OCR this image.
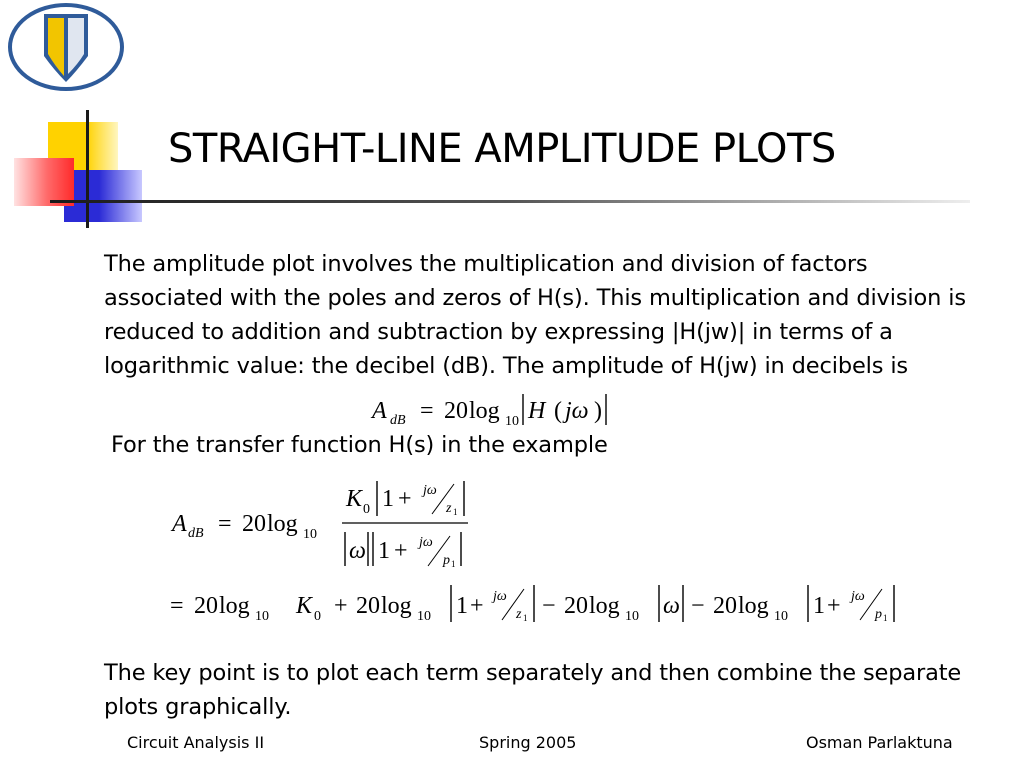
STRAIGHT-LINE AMPLITUDE PLOTS
The amplitude plot involves the multiplication and division of factors associated with the poles and zeros of H(s). This multiplication and division is reduced to addition and subtraction by expressing |H(jw)| in terms of a logarithmic value: the decibel (dB). The amplitude of H(jw) in decibels is
A dB = 20 log 10 H ( jω )
For the transfer function H(s) in the example
A dB = 20 log 10
K 0 1 + jω
z 1
ω 1 + jω
p 1
= 20 log 10 K 0 + 20 log 10 1 + jω
z 1 − 20 log 10 ω − 20 log 10 1 + jω
p 1
The key point is to plot each term separately and then combine the separate plots graphically.
Circuit Analysis II	Spring 2005	Osman Parlaktuna
